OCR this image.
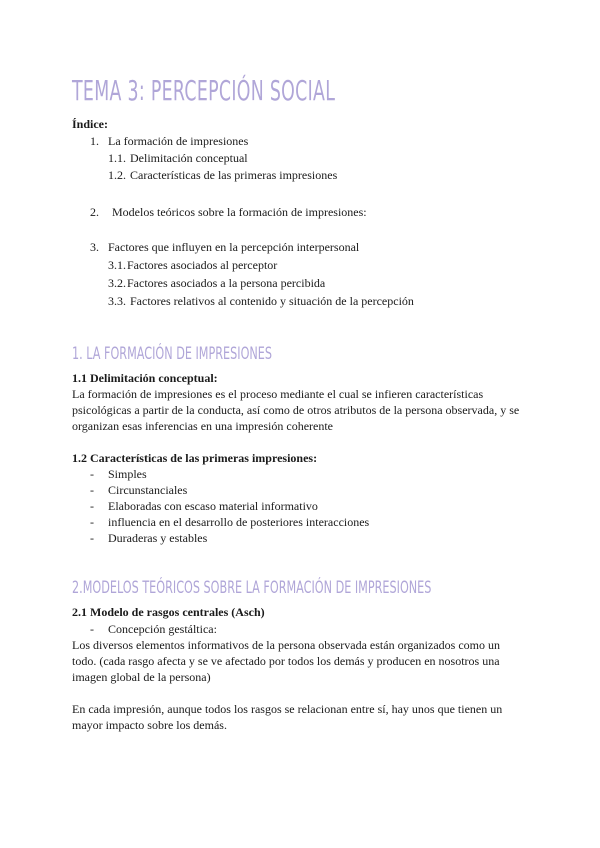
TEMA 3: PERCEPCIÓN SOCIAL
Índice:
1. La formación de impresiones
1.1. Delimitación conceptual
1.2. Características de las primeras impresiones
2. Modelos teóricos sobre la formación de impresiones:
3. Factores que influyen en la percepción interpersonal
3.1. Factores asociados al perceptor
3.2. Factores asociados a la persona percibida
3.3. Factores relativos al contenido y situación de la percepción
1. LA FORMACIÓN DE IMPRESIONES
1.1 Delimitación conceptual:
La formación de impresiones es el proceso mediante el cual se infieren características
psicológicas a partir de la conducta, así como de otros atributos de la persona observada, y se
organizan esas inferencias en una impresión coherente
1.2 Características de las primeras impresiones:
- Simples
- Circunstanciales
- Elaboradas con escaso material informativo
- influencia en el desarrollo de posteriores interacciones
- Duraderas y estables
2.MODELOS TEÓRICOS SOBRE LA FORMACIÓN DE IMPRESIONES
2.1 Modelo de rasgos centrales (Asch)
- Concepción gestáltica:
Los diversos elementos informativos de la persona observada están organizados como un
todo. (cada rasgo afecta y se ve afectado por todos los demás y producen en nosotros una
imagen global de la persona)
En cada impresión, aunque todos los rasgos se relacionan entre sí, hay unos que tienen un
mayor impacto sobre los demás.
